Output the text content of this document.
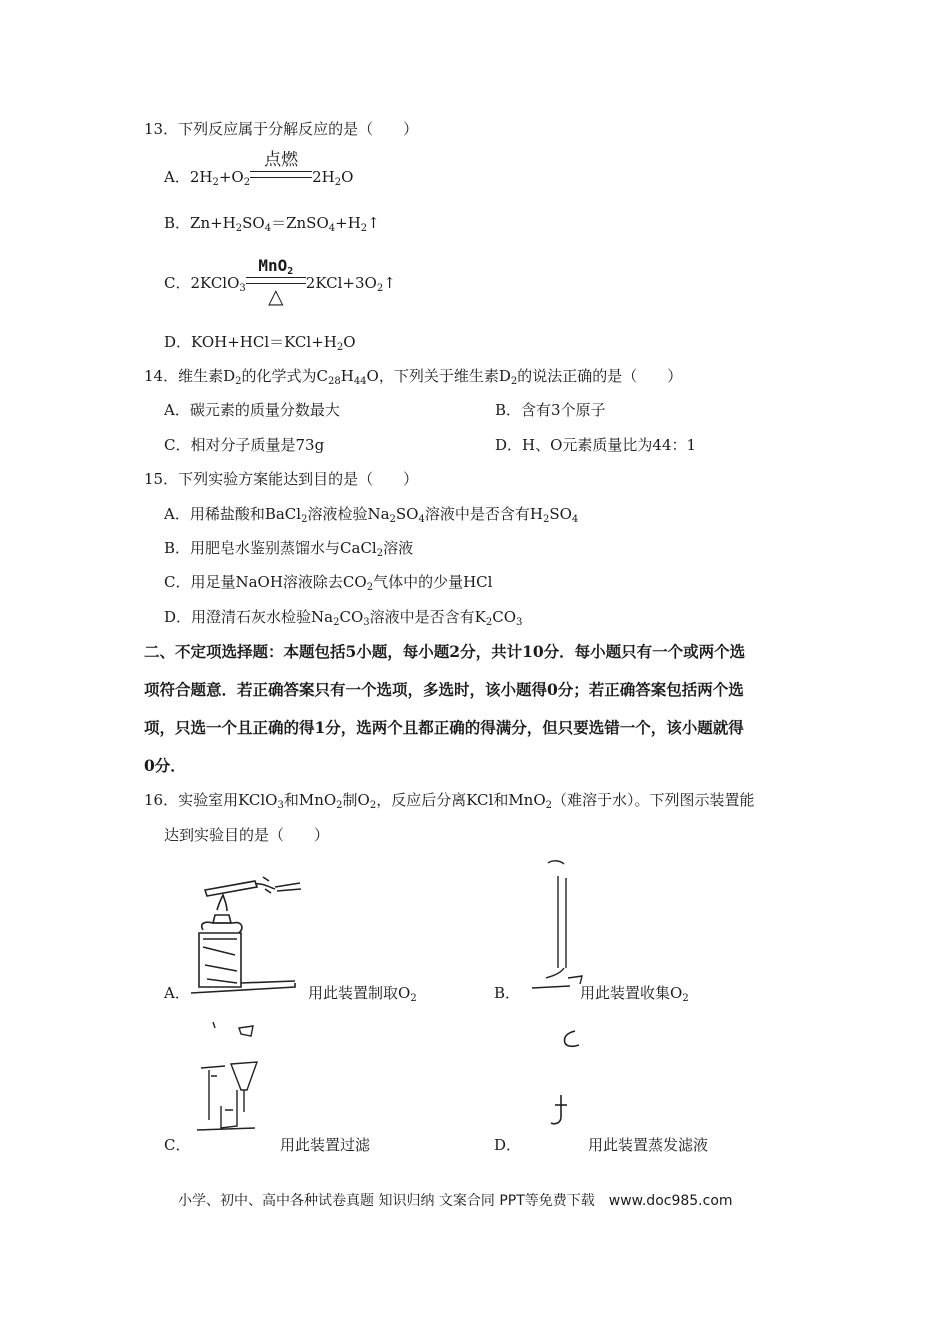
13．下列反应属于分解反应的是（　　）
A．$2H_2+O_2$
点燃
$2H_2O$
B．$Zn+H_2SO_4=ZnSO_4+H_2↑$
C．2KClO$_3$
MnO$_2$
△
$2KCl+3O_2↑$
D．$KOH+HCl=KCl+H_2O$
14．维生素$D_2$的化学式为$C_{28}H_{44}O$，下列关于维生素$D_2$的说法正确的是（　　）
A．碳元素的质量分数最大	B．含有3个原子
C．相对分子质量是73g	D．H、O元素质量比为44：1
15．下列实验方案能达到目的是（　　）
A．用稀盐酸和BaCl$_2$溶液检验$Na_2SO_4$溶液中是否含有$H_2SO_4$
B．用肥皂水鉴别蒸馏水与CaCl$_2$溶液
C．用足量NaOH溶液除去$CO_2$气体中的少量HCl
D．用澄清石灰水检验$Na_2CO_3$溶液中是否含有$K_2CO_3$
二、不定项选择题：本题包括5小题，每小题2分，共计10分．每小题只有一个或两个选
项符合题意．若正确答案只有一个选项，多选时，该小题得0分；若正确答案包括两个选
项，只选一个且正确的得1分，选两个且都正确的得满分，但只要选错一个，该小题就得
0分．
16．实验室用KClO$_3$和MnO$_2$制$O_2$，反应后分离KCl和MnO$_2$（难溶于水）。下列图示装置能
达到实验目的是（　　）
A．	用此装置制取$O_2$	B．	用此装置收集$O_2$
C．	用此装置过滤	D．	用此装置蒸发滤液
小学、初中、高中各种试卷真题 知识归纳 文案合同 PPT等免费下载　www.doc985.com
